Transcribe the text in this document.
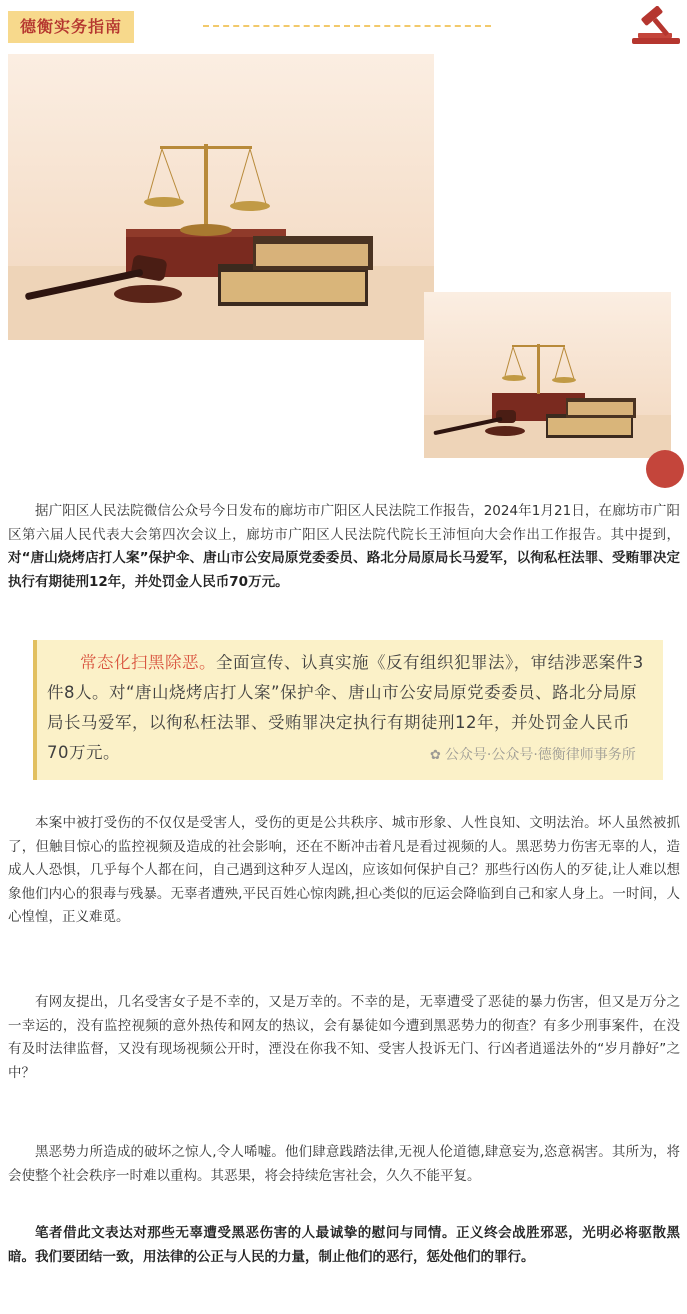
德衡实务指南

据广阳区人民法院微信公众号今日发布的廊坊市广阳区人民法院工作报告，2024年1月21日，在廊坊市广阳区第六届人民代表大会第四次会议上，廊坊市广阳区人民法院代院长王沛恒向大会作出工作报告。其中提到，对“唐山烧烤店打人案”保护伞、唐山市公安局原党委委员、路北分局原局长马爱军，以徇私枉法罪、受贿罪决定执行有期徒刑12年，并处罚金人民币70万元。

常态化扫黑除恶。全面宣传、认真实施《反有组织犯罪法》，审结涉恶案件3件8人。对“唐山烧烤店打人案”保护伞、唐山市公安局原党委委员、路北分局原局长马爱军，以徇私枉法罪、受贿罪决定执行有期徒刑12年，并处罚金人民币70万元。	✿ 公众号·公众号·德衡律师事务所

本案中被打受伤的不仅仅是受害人，受伤的更是公共秩序、城市形象、人性良知、文明法治。坏人虽然被抓了，但触目惊心的监控视频及造成的社会影响，还在不断冲击着凡是看过视频的人。黑恶势力伤害无辜的人，造成人人恐惧，几乎每个人都在问，自己遇到这种歹人逞凶，应该如何保护自己？那些行凶伤人的歹徒,让人难以想象他们内心的狠毒与残暴。无辜者遭殃,平民百姓心惊肉跳,担心类似的厄运会降临到自己和家人身上。一时间，人心惶惶，正义难觅。

有网友提出，几名受害女子是不幸的，又是万幸的。不幸的是，无辜遭受了恶徒的暴力伤害，但又是万分之一幸运的，没有监控视频的意外热传和网友的热议，会有暴徒如今遭到黑恶势力的彻查？有多少刑事案件，在没有及时法律监督，又没有现场视频公开时，湮没在你我不知、受害人投诉无门、行凶者逍遥法外的“岁月静好”之中？

黑恶势力所造成的破坏之惊人,令人唏嘘。他们肆意践踏法律,无视人伦道德,肆意妄为,恣意祸害。其所为，将会使整个社会秩序一时难以重构。其恶果，将会持续危害社会，久久不能平复。

笔者借此文表达对那些无辜遭受黑恶伤害的人最诚挚的慰问与同情。正义终会战胜邪恶，光明必将驱散黑暗。我们要团结一致，用法律的公正与人民的力量，制止他们的恶行，惩处他们的罪行。
